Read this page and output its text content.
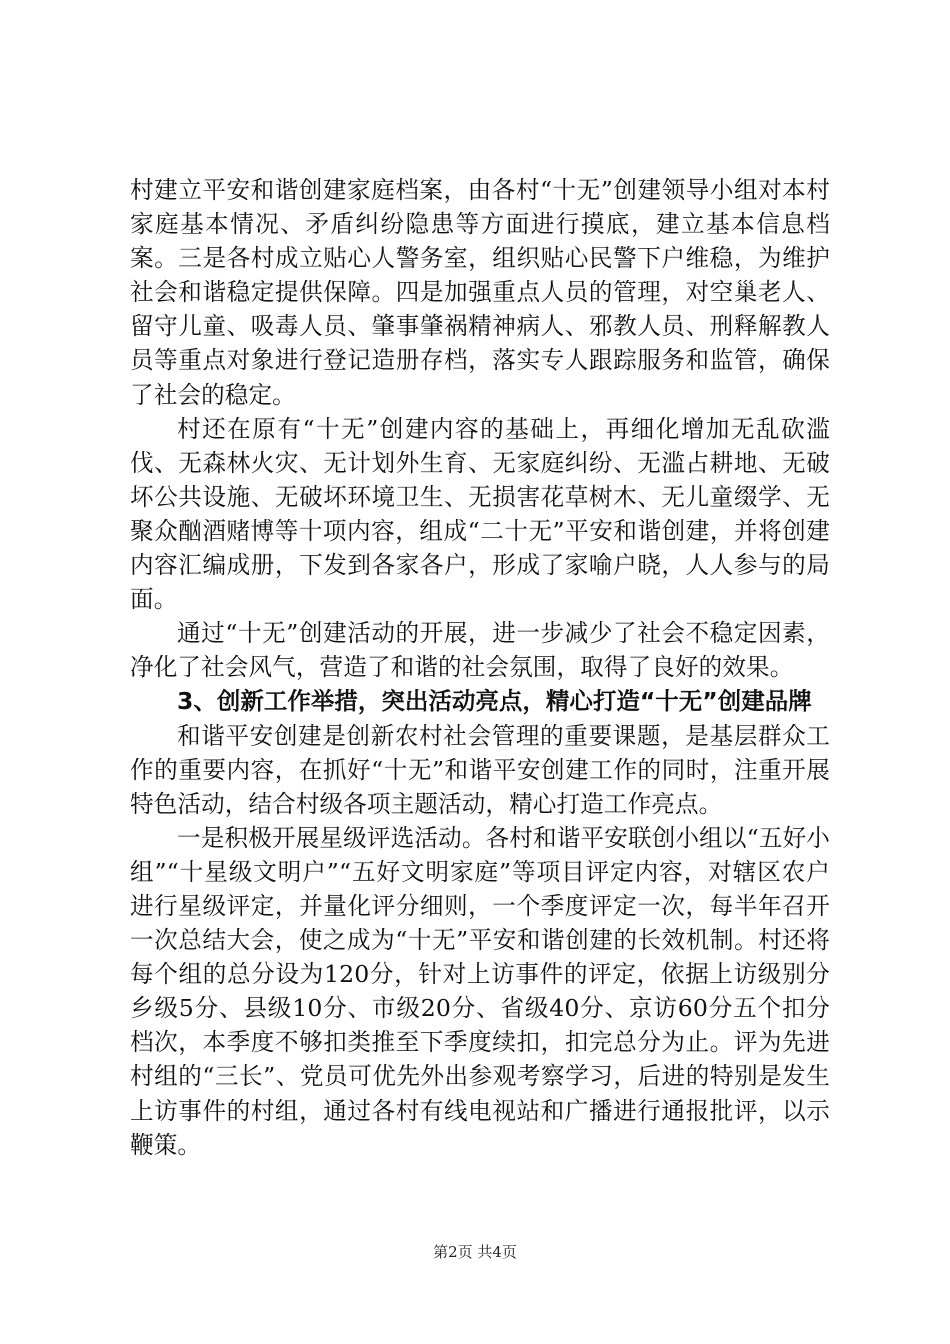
村建立平安和谐创建家庭档案，由各村“十无”创建领导小组对本村家庭基本情况、矛盾纠纷隐患等方面进行摸底，建立基本信息档案。三是各村成立贴心人警务室，组织贴心民警下户维稳，为维护社会和谐稳定提供保障。四是加强重点人员的管理，对空巢老人、留守儿童、吸毒人员、肇事肇祸精神病人、邪教人员、刑释解教人员等重点对象进行登记造册存档，落实专人跟踪服务和监管，确保了社会的稳定。

村还在原有“十无”创建内容的基础上，再细化增加无乱砍滥伐、无森林火灾、无计划外生育、无家庭纠纷、无滥占耕地、无破坏公共设施、无破坏环境卫生、无损害花草树木、无儿童缀学、无聚众酗酒赌博等十项内容，组成“二十无”平安和谐创建，并将创建内容汇编成册，下发到各家各户，形成了家喻户晓，人人参与的局面。

通过“十无”创建活动的开展，进一步减少了社会不稳定因素，净化了社会风气，营造了和谐的社会氛围，取得了良好的效果。

3、创新工作举措，突出活动亮点，精心打造“十无”创建品牌

和谐平安创建是创新农村社会管理的重要课题，是基层群众工作的重要内容，在抓好“十无”和谐平安创建工作的同时，注重开展特色活动，结合村级各项主题活动，精心打造工作亮点。

一是积极开展星级评选活动。各村和谐平安联创小组以“五好小组”“十星级文明户”“五好文明家庭”等项目评定内容，对辖区农户进行星级评定，并量化评分细则，一个季度评定一次，每半年召开一次总结大会，使之成为“十无”平安和谐创建的长效机制。村还将每个组的总分设为120分，针对上访事件的评定，依据上访级别分乡级5分、县级10分、市级20分、省级40分、京访60分五个扣分档次，本季度不够扣类推至下季度续扣，扣完总分为止。评为先进村组的“三长”、党员可优先外出参观考察学习，后进的特别是发生上访事件的村组，通过各村有线电视站和广播进行通报批评，以示鞭策。

第2页 共4页
